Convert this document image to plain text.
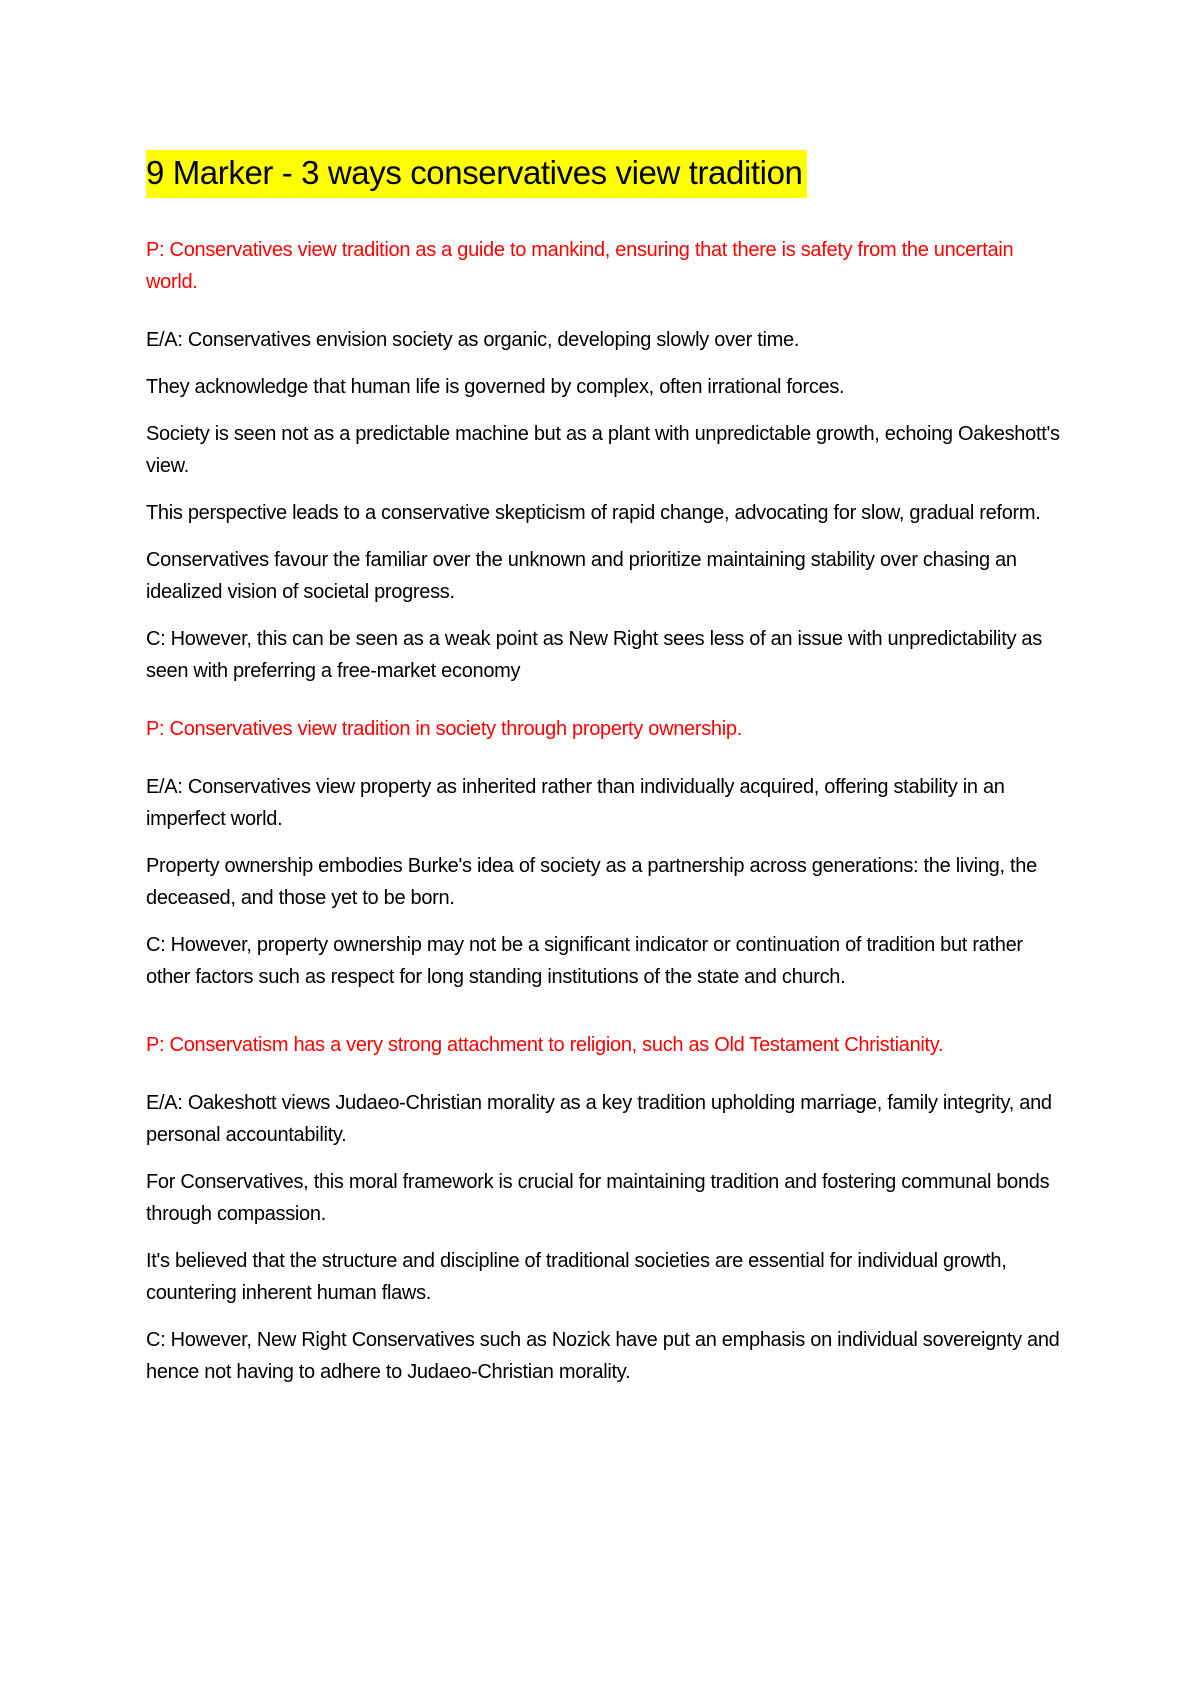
9 Marker - 3 ways conservatives view tradition

P: Conservatives view tradition as a guide to mankind, ensuring that there is safety from the uncertain world.

E/A: Conservatives envision society as organic, developing slowly over time.

They acknowledge that human life is governed by complex, often irrational forces.

Society is seen not as a predictable machine but as a plant with unpredictable growth, echoing Oakeshott's view.

This perspective leads to a conservative skepticism of rapid change, advocating for slow, gradual reform.

Conservatives favour the familiar over the unknown and prioritize maintaining stability over chasing an idealized vision of societal progress.

C: However, this can be seen as a weak point as New Right sees less of an issue with unpredictability as seen with preferring a free-market economy

P: Conservatives view tradition in society through property ownership.

E/A: Conservatives view property as inherited rather than individually acquired, offering stability in an imperfect world.

Property ownership embodies Burke's idea of society as a partnership across generations: the living, the deceased, and those yet to be born.

C: However, property ownership may not be a significant indicator or continuation of tradition but rather other factors such as respect for long standing institutions of the state and church.

P: Conservatism has a very strong attachment to religion, such as Old Testament Christianity.

E/A: Oakeshott views Judaeo-Christian morality as a key tradition upholding marriage, family integrity, and personal accountability.

For Conservatives, this moral framework is crucial for maintaining tradition and fostering communal bonds through compassion.

It's believed that the structure and discipline of traditional societies are essential for individual growth, countering inherent human flaws.

C: However, New Right Conservatives such as Nozick have put an emphasis on individual sovereignty and hence not having to adhere to Judaeo-Christian morality.
